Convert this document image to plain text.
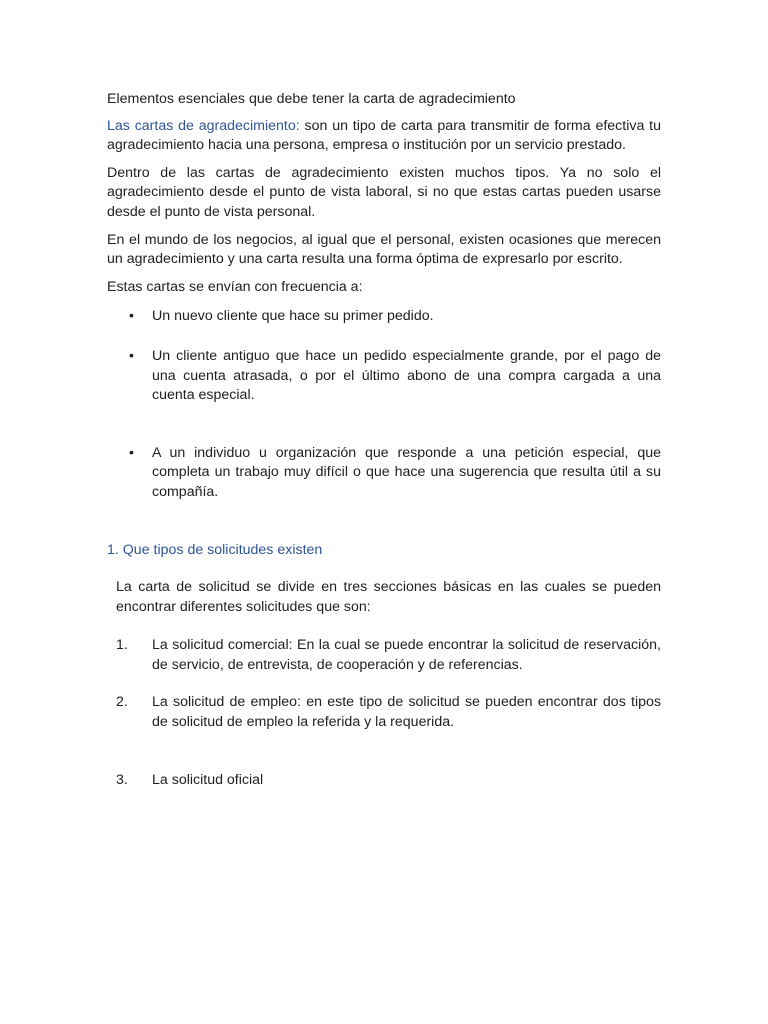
Elementos esenciales que debe tener la carta de agradecimiento

Las cartas de agradecimiento: son un tipo de carta para transmitir de forma efectiva tu agradecimiento hacia una persona, empresa o institución por un servicio prestado.

Dentro de las cartas de agradecimiento existen muchos tipos. Ya no solo el agradecimiento desde el punto de vista laboral, si no que estas cartas pueden usarse desde el punto de vista personal.

En el mundo de los negocios, al igual que el personal, existen ocasiones que merecen un agradecimiento y una carta resulta una forma óptima de expresarlo por escrito.

Estas cartas se envían con frecuencia a:

• Un nuevo cliente que hace su primer pedido.
• Un cliente antiguo que hace un pedido especialmente grande, por el pago de una cuenta atrasada, o por el último abono de una compra cargada a una cuenta especial.
• A un individuo u organización que responde a una petición especial, que completa un trabajo muy difícil o que hace una sugerencia que resulta útil a su compañía.

1. Que tipos de solicitudes existen

La carta de solicitud se divide en tres secciones básicas en las cuales se pueden encontrar diferentes solicitudes que son:

1. La solicitud comercial: En la cual se puede encontrar la solicitud de reservación, de servicio, de entrevista, de cooperación y de referencias.
2. La solicitud de empleo: en este tipo de solicitud se pueden encontrar dos tipos de solicitud de empleo la referida y la requerida.
3. La solicitud oficial
